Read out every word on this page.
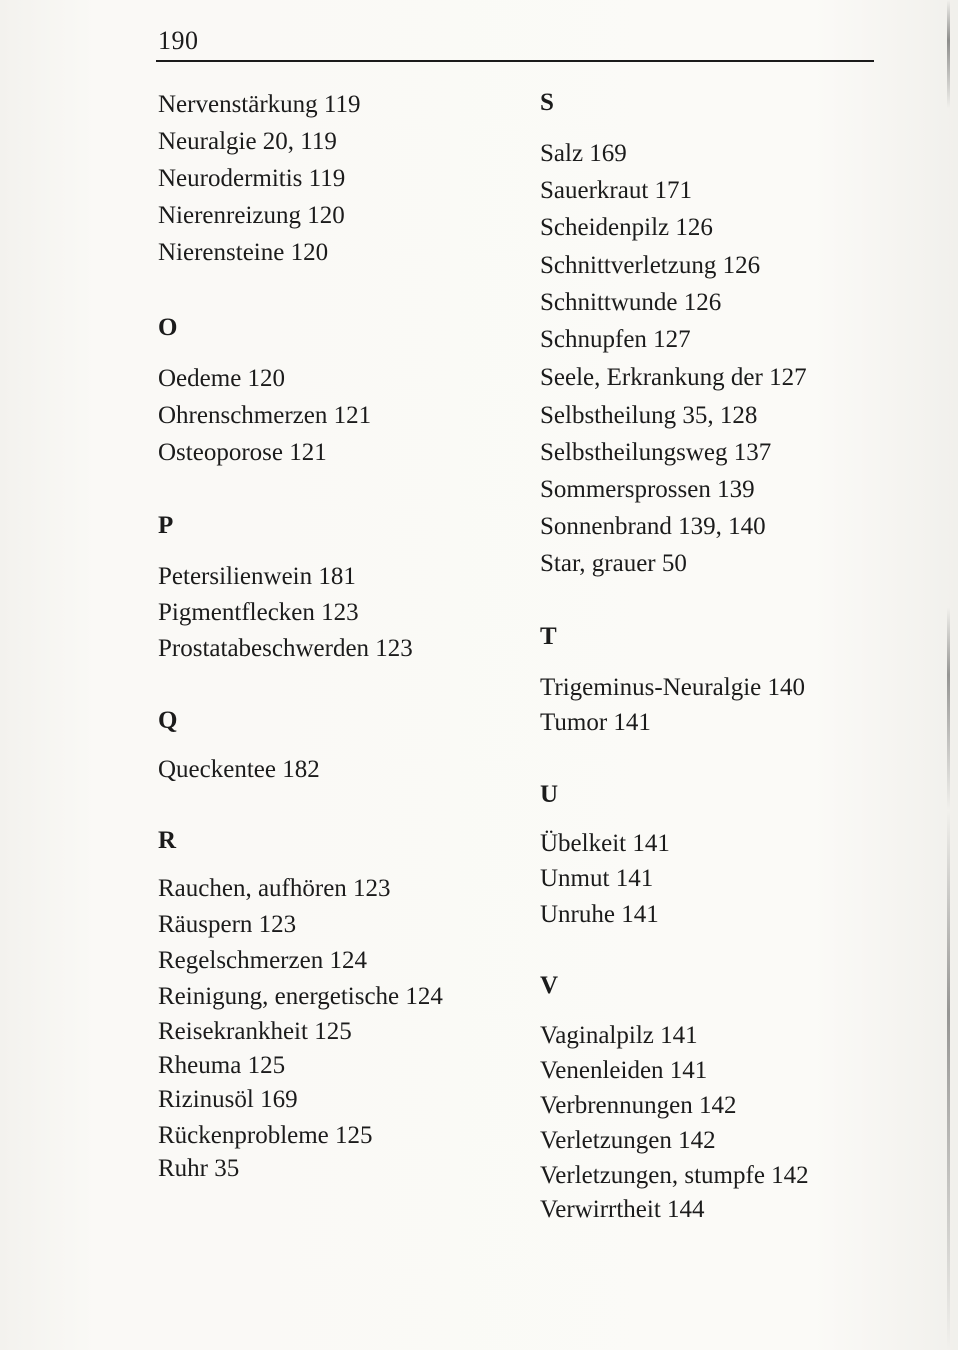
190
Nervenstärkung 119
Neuralgie 20, 119
Neurodermitis 119
Nierenreizung 120
Nierensteine 120
O
Oedeme 120
Ohrenschmerzen 121
Osteoporose 121
P
Petersilienwein 181
Pigmentflecken 123
Prostatabeschwerden 123
Q
Queckentee 182
R
Rauchen, aufhören 123
Räuspern 123
Regelschmerzen 124
Reinigung, energetische 124
Reisekrankheit 125
Rheuma 125
Rizinusöl 169
Rückenprobleme 125
Ruhr 35
S
Salz 169
Sauerkraut 171
Scheidenpilz 126
Schnittverletzung 126
Schnittwunde 126
Schnupfen 127
Seele, Erkrankung der 127
Selbstheilung 35, 128
Selbstheilungsweg 137
Sommersprossen 139
Sonnenbrand 139, 140
Star, grauer 50
T
Trigeminus-Neuralgie 140
Tumor 141
U
Übelkeit 141
Unmut 141
Unruhe 141
V
Vaginalpilz 141
Venenleiden 141
Verbrennungen 142
Verletzungen 142
Verletzungen, stumpfe 142
Verwirrtheit 144
